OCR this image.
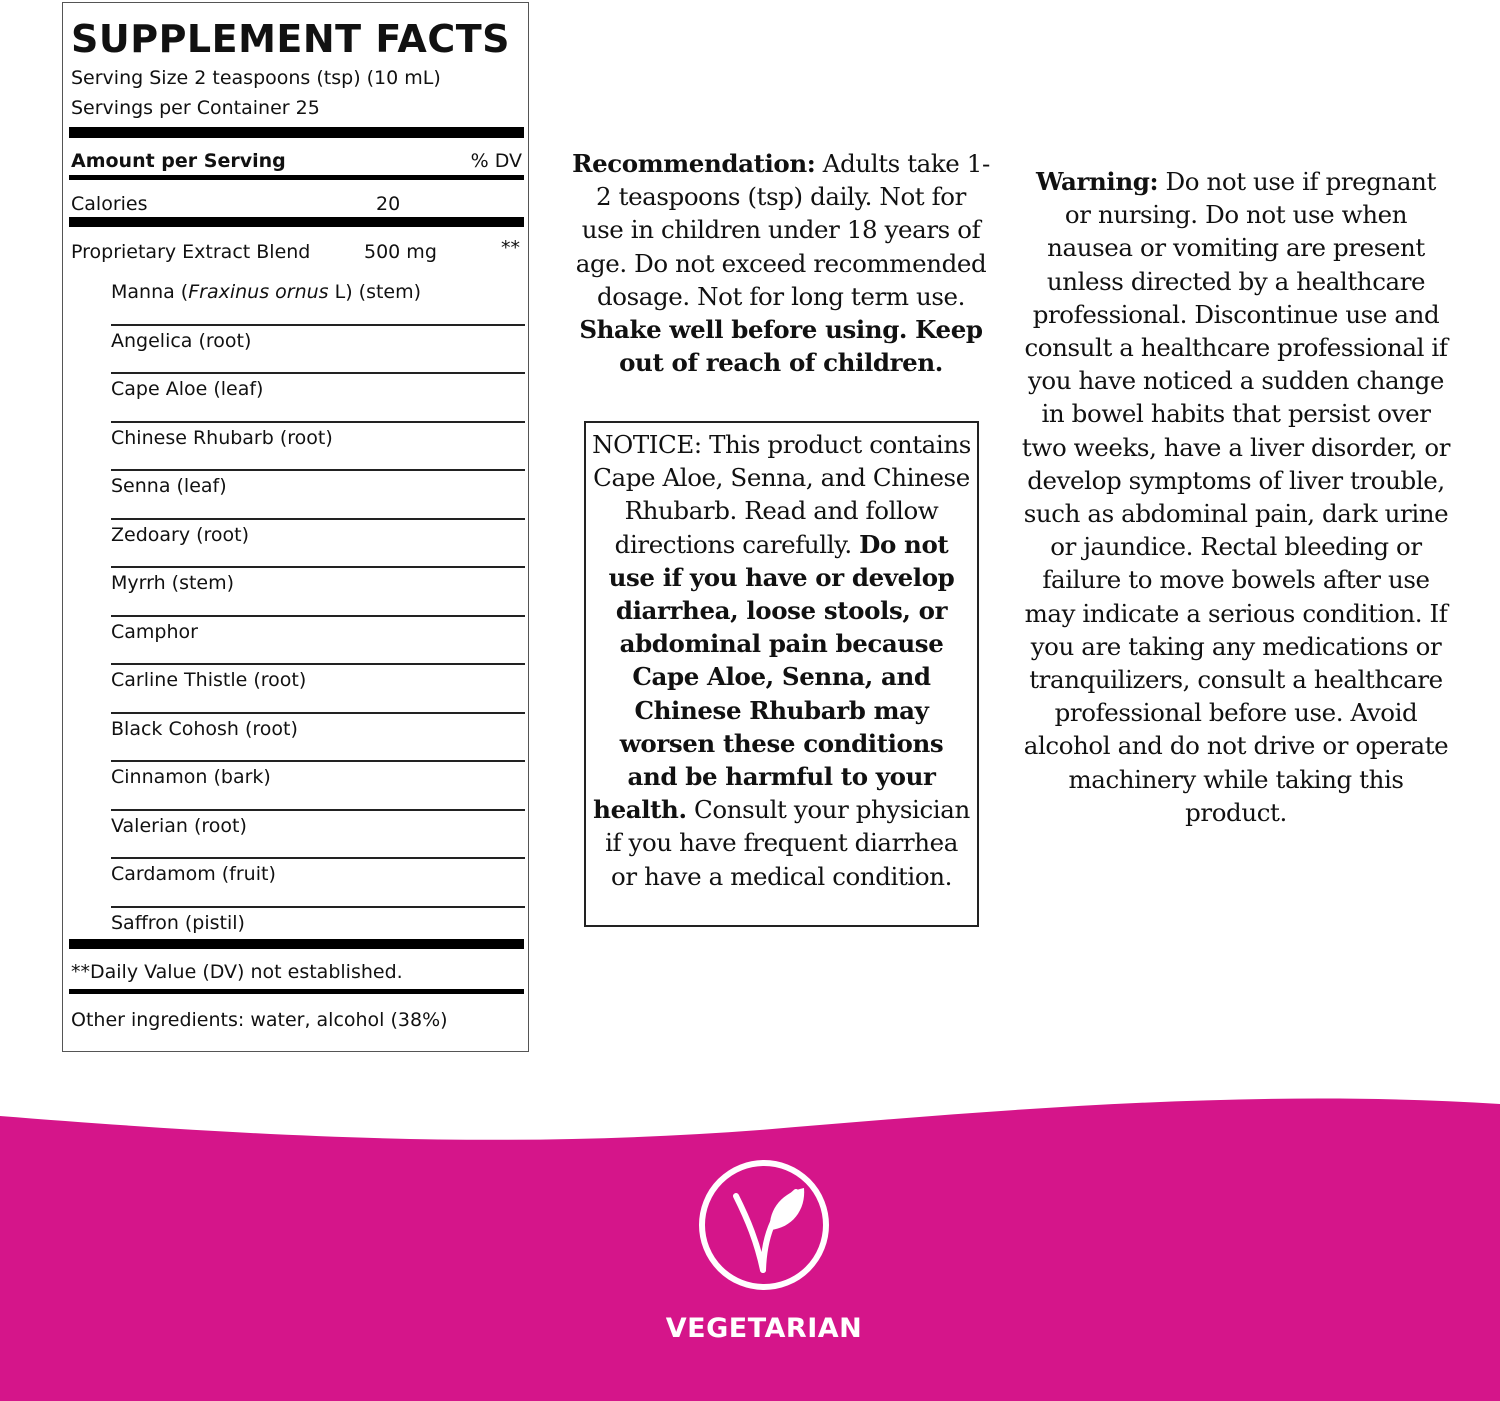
SUPPLEMENT FACTS
Serving Size 2 teaspoons (tsp) (10 mL)
Servings per Container 25
Amount per Serving	% DV
Calories	20
Proprietary Extract Blend	500 mg	**
Manna (Fraxinus ornus L) (stem)
Angelica (root)
Cape Aloe (leaf)
Chinese Rhubarb (root)
Senna (leaf)
Zedoary (root)
Myrrh (stem)
Camphor
Carline Thistle (root)
Black Cohosh (root)
Cinnamon (bark)
Valerian (root)
Cardamom (fruit)
Saffron (pistil)
**Daily Value (DV) not established.
Other ingredients: water, alcohol (38%)
Recommendation: Adults take 1-2 teaspoons (tsp) daily. Not for use in children under 18 years of age. Do not exceed recommended dosage. Not for long term use. Shake well before using. Keep out of reach of children.
NOTICE: This product contains Cape Aloe, Senna, and Chinese Rhubarb. Read and follow directions carefully. Do not use if you have or develop diarrhea, loose stools, or abdominal pain because Cape Aloe, Senna, and Chinese Rhubarb may worsen these conditions and be harmful to your health. Consult your physician if you have frequent diarrhea or have a medical condition.
Warning: Do not use if pregnant or nursing. Do not use when nausea or vomiting are present unless directed by a healthcare professional. Discontinue use and consult a healthcare professional if you have noticed a sudden change in bowel habits that persist over two weeks, have a liver disorder, or develop symptoms of liver trouble, such as abdominal pain, dark urine or jaundice. Rectal bleeding or failure to move bowels after use may indicate a serious condition. If you are taking any medications or tranquilizers, consult a healthcare professional before use. Avoid alcohol and do not drive or operate machinery while taking this product.
VEGETARIAN
